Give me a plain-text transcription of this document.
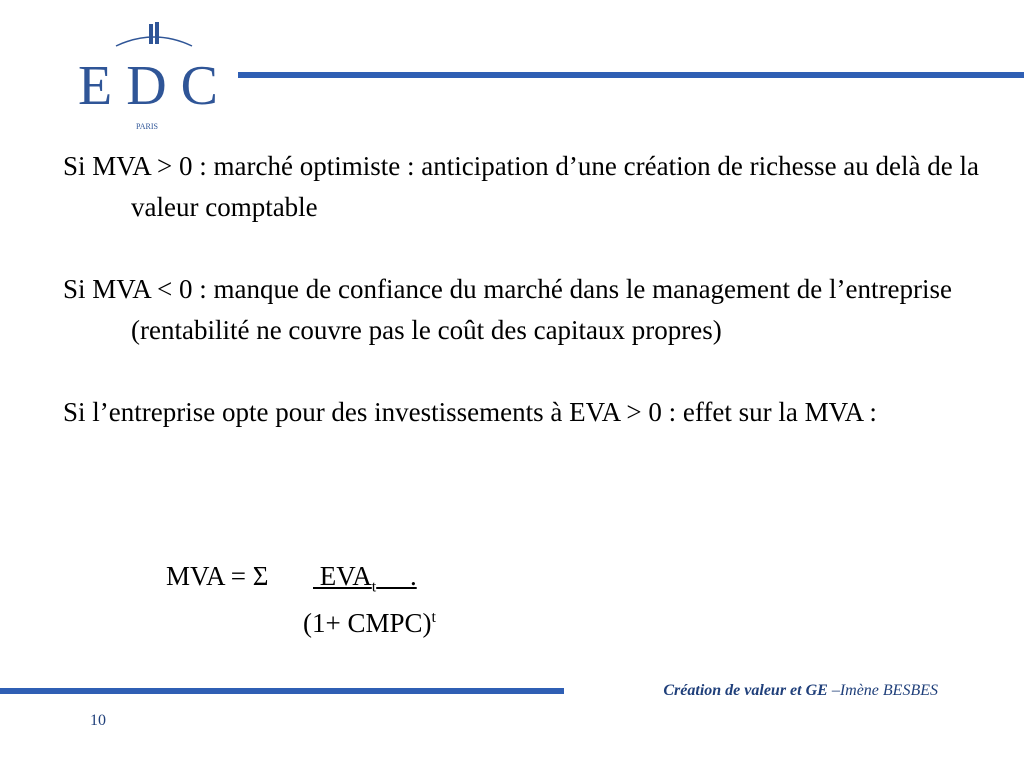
EDC
PARIS

Si MVA > 0 : marché optimiste : anticipation d’une création de richesse au delà de la valeur comptable

Si MVA < 0 : manque de confiance du marché dans le management de l’entreprise (rentabilité ne couvre pas le coût des capitaux propres)

Si l’entreprise opte pour des investissements à EVA > 0 : effet sur la MVA :

MVA = Σ $EVA_t$     .
(1+ CMPC)$^t$
Création de valeur et GE –Imène BESBES
10
